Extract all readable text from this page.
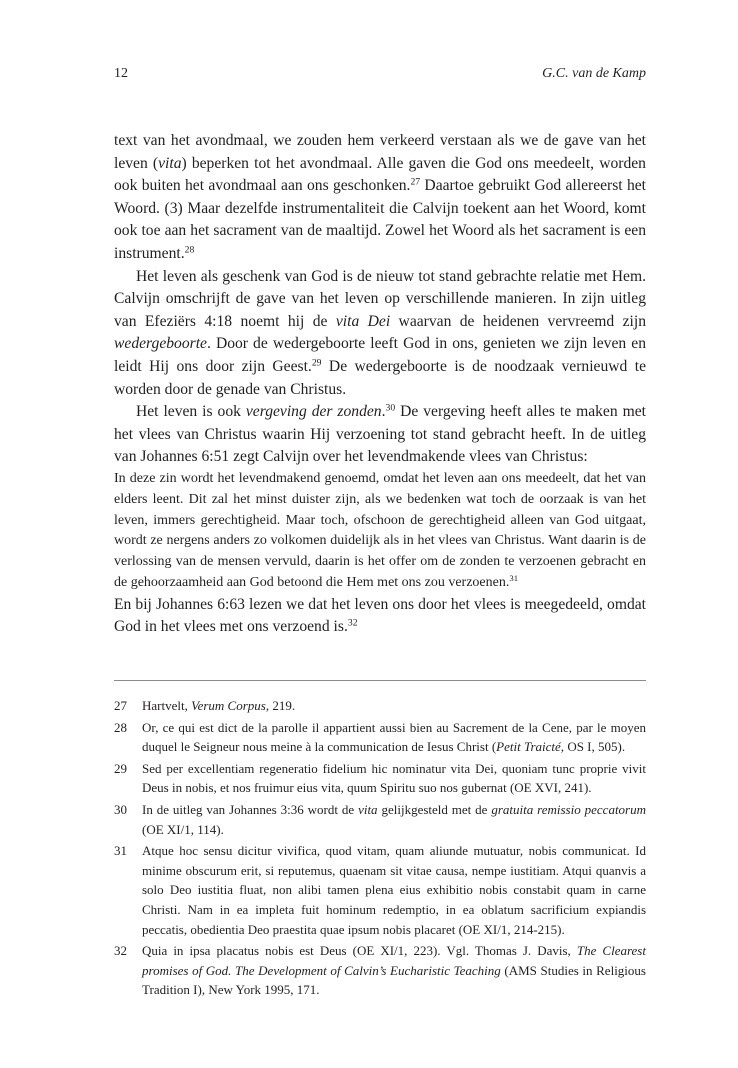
12	G.C. van de Kamp

text van het avondmaal, we zouden hem verkeerd verstaan als we de gave van het leven (vita) beperken tot het avondmaal. Alle gaven die God ons meedeelt, worden ook buiten het avondmaal aan ons geschonken.$^{27}$ Daartoe gebruikt God allereerst het Woord. (3) Maar dezelfde instrumentaliteit die Calvijn toekent aan het Woord, komt ook toe aan het sacrament van de maaltijd. Zowel het Woord als het sacrament is een instrument.$^{28}$

Het leven als geschenk van God is de nieuw tot stand gebrachte relatie met Hem. Calvijn omschrijft de gave van het leven op verschillende manieren. In zijn uitleg van Efeziërs 4:18 noemt hij de vita Dei waarvan de heidenen vervreemd zijn wedergeboorte. Door de wedergeboorte leeft God in ons, genieten we zijn leven en leidt Hij ons door zijn Geest.$^{29}$ De wedergeboorte is de noodzaak vernieuwd te worden door de genade van Christus.

Het leven is ook vergeving der zonden.$^{30}$ De vergeving heeft alles te maken met het vlees van Christus waarin Hij verzoening tot stand gebracht heeft. In de uitleg van Johannes 6:51 zegt Calvijn over het levendmakende vlees van Christus:

In deze zin wordt het levendmakend genoemd, omdat het leven aan ons meedeelt, dat het van elders leent. Dit zal het minst duister zijn, als we bedenken wat toch de oorzaak is van het leven, immers gerechtigheid. Maar toch, ofschoon de gerechtigheid alleen van God uitgaat, wordt ze nergens anders zo volkomen duidelijk als in het vlees van Christus. Want daarin is de verlossing van de mensen vervuld, daarin is het offer om de zonden te verzoenen gebracht en de gehoorzaamheid aan God betoond die Hem met ons zou verzoenen.$^{31}$

En bij Johannes 6:63 lezen we dat het leven ons door het vlees is meegedeeld, omdat God in het vlees met ons verzoend is.$^{32}$

27 Hartvelt, Verum Corpus, 219.
28 Or, ce qui est dict de la parolle il appartient aussi bien au Sacrement de la Cene, par le moyen duquel le Seigneur nous meine à la communication de Iesus Christ (Petit Traicté, OS I, 505).
29 Sed per excellentiam regeneratio fidelium hic nominatur vita Dei, quoniam tunc proprie vivit Deus in nobis, et nos fruimur eius vita, quum Spiritu suo nos gubernat (OE XVI, 241).
30 In de uitleg van Johannes 3:36 wordt de vita gelijkgesteld met de gratuita remissio peccatorum (OE XI/1, 114).
31 Atque hoc sensu dicitur vivifica, quod vitam, quam aliunde mutuatur, nobis communicat. Id minime obscurum erit, si reputemus, quaenam sit vitae causa, nempe iustitiam. Atqui quanvis a solo Deo iustitia fluat, non alibi tamen plena eius exhibitio nobis constabit quam in carne Christi. Nam in ea impleta fuit hominum redemptio, in ea oblatum sacrificium expiandis peccatis, obedientia Deo praestita quae ipsum nobis placaret (OE XI/1, 214-215).
32 Quia in ipsa placatus nobis est Deus (OE XI/1, 223). Vgl. Thomas J. Davis, The Clearest promises of God. The Development of Calvin’s Eucharistic Teaching (AMS Studies in Religious Tradition I), New York 1995, 171.
